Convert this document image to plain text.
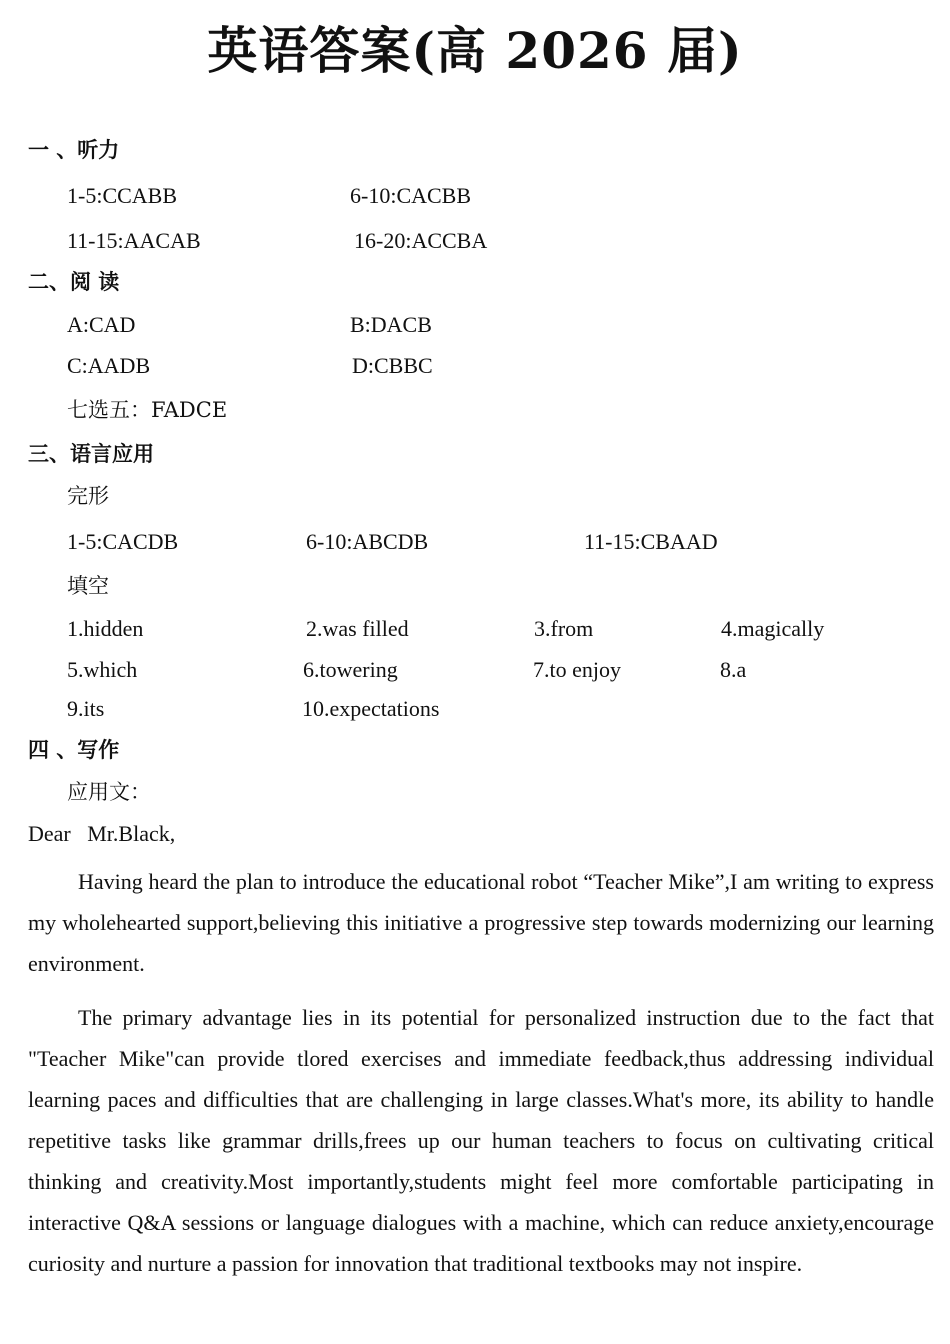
英语答案(高 2026 届)
一 、听力
1-5:CCABB	6-10:CACBB
11-15:AACAB	16-20:ACCBA
二、阅 读
A:CAD	B:DACB
C:AADB	D:CBBC
七选五：FADCE
三、语言应用
完形
1-5:CACDB	6-10:ABCDB	11-15:CBAAD
填空
1.hidden	2.was filled	3.from	4.magically
5.which	6.towering	7.to enjoy	8.a
9.its	10.expectations
四 、写作
应用文：
Dear   Mr.Black,
Having heard the plan to introduce the educational robot “Teacher Mike”,I am writing to express my wholehearted support,believing this initiative a progressive step towards modernizing our learning environment.
The primary advantage lies in its potential for personalized instruction due to the fact that "Teacher Mike"can provide tlored exercises and immediate feedback,thus addressing individual learning paces and difficulties that are challenging in large classes.What's more, its ability to handle repetitive tasks like grammar drills,frees up our human teachers to focus on cultivating critical thinking and creativity.Most importantly,students might feel more comfortable participating in interactive Q&A sessions or language dialogues with a machine, which can reduce anxiety,encourage curiosity and nurture a passion for innovation that traditional textbooks may not inspire.
